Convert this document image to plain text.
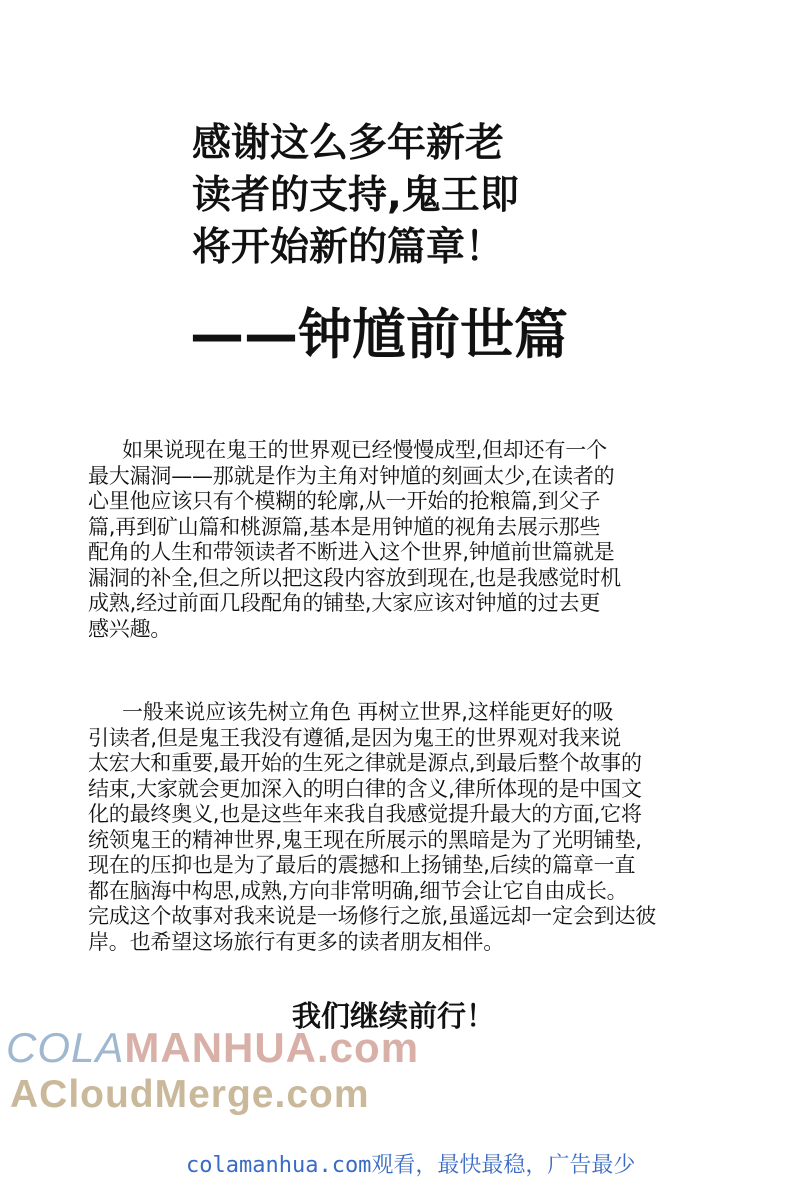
感谢这么多年新老
读者的支持,鬼王即
将开始新的篇章！
——钟馗前世篇
如果说现在鬼王的世界观已经慢慢成型,但却还有一个
最大漏洞——那就是作为主角对钟馗的刻画太少,在读者的
心里他应该只有个模糊的轮廓,从一开始的抢粮篇,到父子
篇,再到矿山篇和桃源篇,基本是用钟馗的视角去展示那些
配角的人生和带领读者不断进入这个世界,钟馗前世篇就是
漏洞的补全,但之所以把这段内容放到现在,也是我感觉时机
成熟,经过前面几段配角的铺垫,大家应该对钟馗的过去更
感兴趣。
一般来说应该先树立角色 再树立世界,这样能更好的吸
引读者,但是鬼王我没有遵循,是因为鬼王的世界观对我来说
太宏大和重要,最开始的生死之律就是源点,到最后整个故事的
结束,大家就会更加深入的明白律的含义,律所体现的是中国文
化的最终奥义,也是这些年来我自我感觉提升最大的方面,它将
统领鬼王的精神世界,鬼王现在所展示的黑暗是为了光明铺垫,
现在的压抑也是为了最后的震撼和上扬铺垫,后续的篇章一直
都在脑海中构思,成熟,方向非常明确,细节会让它自由成长。
完成这个故事对我来说是一场修行之旅,虽遥远却一定会到达彼
岸。也希望这场旅行有更多的读者朋友相伴。
我们继续前行！
COLAMANHUA.com
ACloudMerge.com
colamanhua.com观看，最快最稳，广告最少
